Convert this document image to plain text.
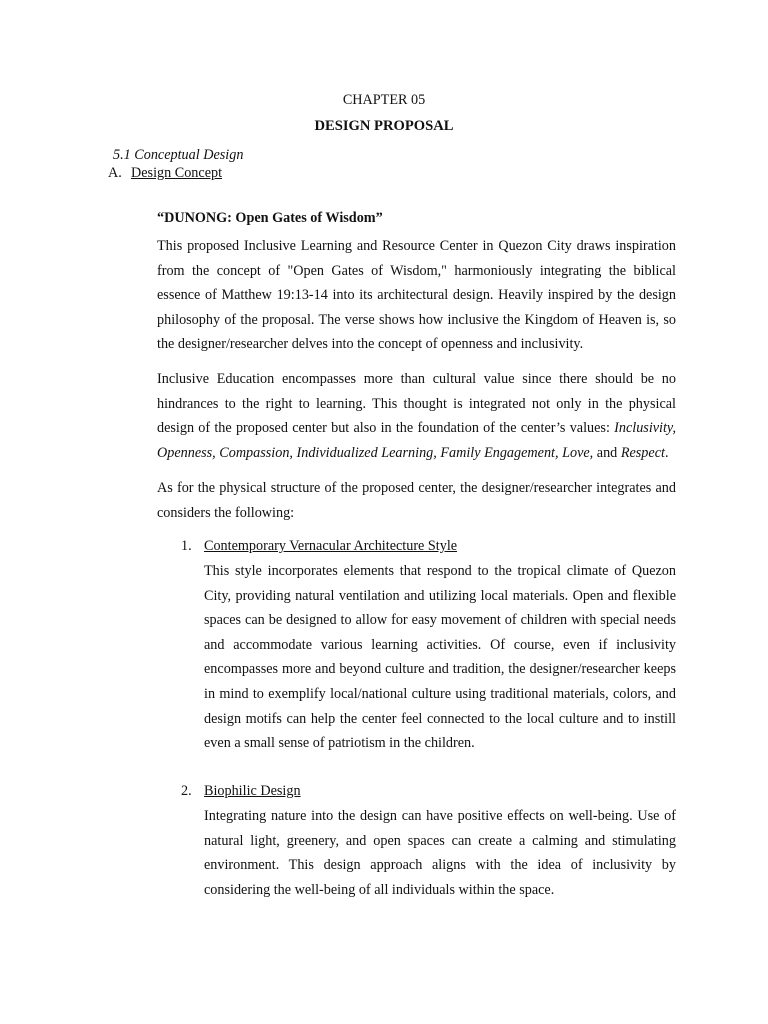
CHAPTER 05
DESIGN PROPOSAL
5.1 Conceptual Design
A. Design Concept
“DUNONG: Open Gates of Wisdom”

This proposed Inclusive Learning and Resource Center in Quezon City draws inspiration from the concept of "Open Gates of Wisdom," harmoniously integrating the biblical essence of Matthew 19:13-14 into its architectural design. Heavily inspired by the design philosophy of the proposal. The verse shows how inclusive the Kingdom of Heaven is, so the designer/researcher delves into the concept of openness and inclusivity.

Inclusive Education encompasses more than cultural value since there should be no hindrances to the right to learning. This thought is integrated not only in the physical design of the proposed center but also in the foundation of the center’s values: Inclusivity, Openness, Compassion, Individualized Learning, Family Engagement, Love, and Respect.

As for the physical structure of the proposed center, the designer/researcher integrates and considers the following:

1. Contemporary Vernacular Architecture Style

This style incorporates elements that respond to the tropical climate of Quezon City, providing natural ventilation and utilizing local materials. Open and flexible spaces can be designed to allow for easy movement of children with special needs and accommodate various learning activities. Of course, even if inclusivity encompasses more and beyond culture and tradition, the designer/researcher keeps in mind to exemplify local/national culture using traditional materials, colors, and design motifs can help the center feel connected to the local culture and to instill even a small sense of patriotism in the children.

2. Biophilic Design

Integrating nature into the design can have positive effects on well-being. Use of natural light, greenery, and open spaces can create a calming and stimulating environment. This design approach aligns with the idea of inclusivity by considering the well-being of all individuals within the space.
